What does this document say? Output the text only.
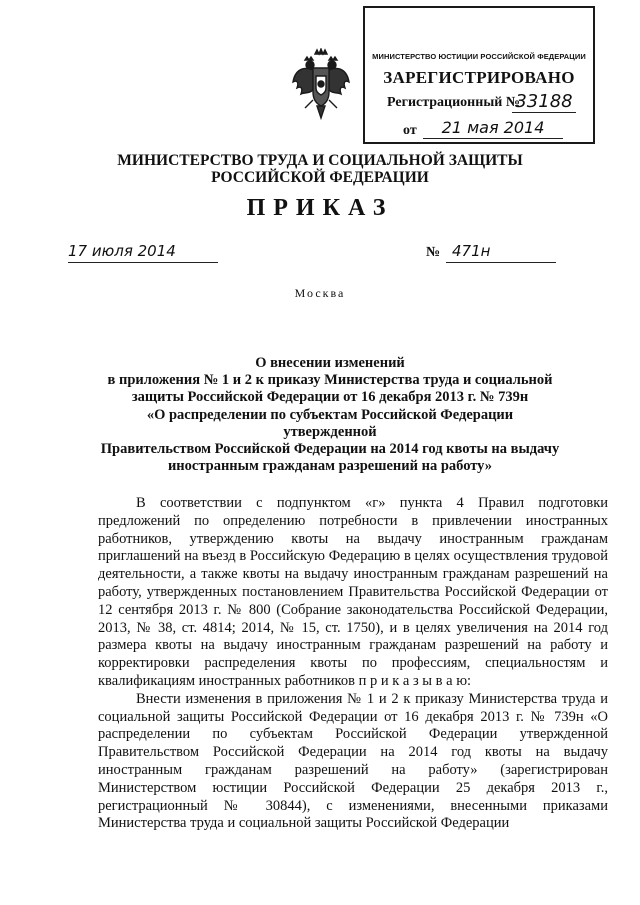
МИНИСТЕРСТВО ЮСТИЦИИ РОССИЙСКОЙ ФЕДЕРАЦИИ
ЗАРЕГИСТРИРОВАНО
Регистрационный №
33188
от	21 мая 2014
МИНИСТЕРСТВО ТРУДА И СОЦИАЛЬНОЙ ЗАЩИТЫ
РОССИЙСКОЙ ФЕДЕРАЦИИ
ПРИКАЗ
17 июля 2014	№ 471н
Москва
О внесении изменений
в приложения № 1 и 2 к приказу Министерства труда и социальной
защиты Российской Федерации от 16 декабря 2013 г. № 739н
«О распределении по субъектам Российской Федерации утвержденной
Правительством Российской Федерации на 2014 год квоты на выдачу
иностранным гражданам разрешений на работу»

В соответствии с подпунктом «г» пункта 4 Правил подготовки предложений по определению потребности в привлечении иностранных работников, утверждению квоты на выдачу иностранным гражданам приглашений на въезд в Российскую Федерацию в целях осуществления трудовой деятельности, а также квоты на выдачу иностранным гражданам разрешений на работу, утвержденных постановлением Правительства Российской Федерации от 12 сентября 2013 г. № 800 (Собрание законодательства Российской Федерации, 2013, № 38, ст. 4814; 2014, № 15, ст. 1750), и в целях увеличения на 2014 год размера квоты на выдачу иностранным гражданам разрешений на работу и корректировки распределения квоты по профессиям, специальностям и квалификациям иностранных работников п р и к а з ы в а ю:

Внести изменения в приложения № 1 и 2 к приказу Министерства труда и социальной защиты Российской Федерации от 16 декабря 2013 г. № 739н «О распределении по субъектам Российской Федерации утвержденной Правительством Российской Федерации на 2014 год квоты на выдачу иностранным гражданам разрешений на работу» (зарегистрирован Министерством юстиции Российской Федерации 25 декабря 2013 г., регистрационный № 30844), с изменениями, внесенными приказами Министерства труда и социальной защиты Российской Федерации
